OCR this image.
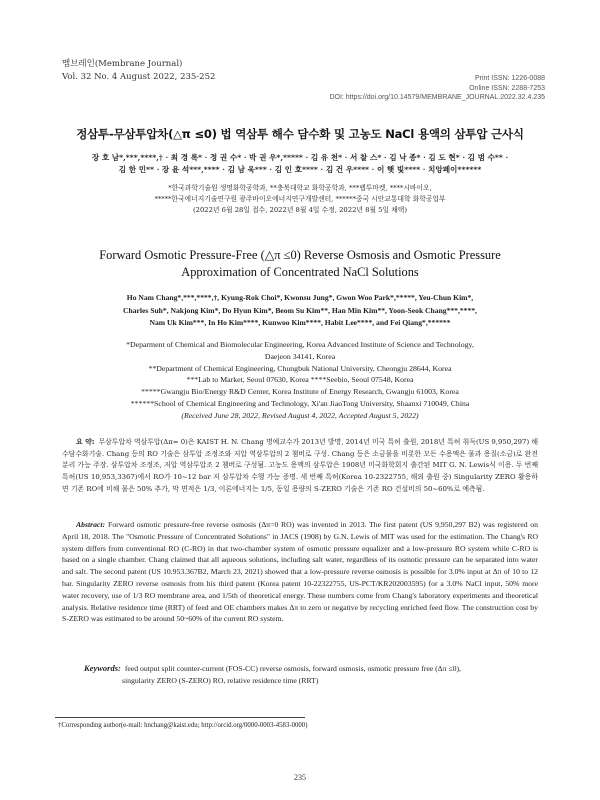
멤브레인(Membrane Journal)
Vol. 32 No. 4 August 2022, 235-252	Print ISSN: 1226-0088
Online ISSN: 2288-7253
DOI: https://doi.org/10.14579/MEMBRANE_JOURNAL.2022.32.4.235
정삼투-무삼투압차(△π ≤0) 법 역삼투 해수 담수화 및 고농도 NaCl 용액의 삼투압 근사식
장 호 남*,***,****,† · 최 경 록* · 정 권 수* · 박 권 우*,***** · 김 유 천* · 서 찰 스* · 김 낙 종* · 김 도 현* · 김 범 수** ·
김 한 민** · 장 윤 석***,**** · 김 남 욱*** · 김 인 호**** · 김 건 우**** · 이 햇 빛**** · 치앙페이******
*한국과학기술원 생명화학공학과, **충북대학교 화학공학과, ***랩투마켓, ****시바이오,
*****한국에너지기술연구원 광주바이오에너지연구개발센터, ******중국 시안교통대학 화학공업부
(2022년 6월 28일 접수, 2022년 8월 4일 수정, 2022년 8월 5일 채택)
Forward Osmotic Pressure-Free (△π ≤0) Reverse Osmosis and Osmotic Pressure
Approximation of Concentrated NaCl Solutions
Ho Nam Chang*,***,****,†, Kyung-Rok Choi*, Kwonsu Jung*, Gwon Woo Park*,*****, Yeu-Chun Kim*,
Charles Suh*, Nakjong Kim*, Do Hyun Kim*, Beom Su Kim**, Han Min Kim**, Yoon-Seok Chang***,****,
Nam Uk Kim***, In Ho Kim****, Kunwoo Kim****, Habit Lee****, and Fei Qiang*,******
*Deparment of Chemical and Biomolecular Engineering, Korea Advanced Institute of Science and Technology,
Daejeon 34141, Korea
**Department of Chemical Engineering, Chungbuk National University, Cheongju 28644, Korea
***Lab to Market, Seoul 07630, Korea ****Seebio, Seoul 07548, Korea
*****Gwangju Bio/Energy R&D Center, Korea Institute of Energy Research, Gwangju 61003, Korea
******School of Chemical Engineering and Technology, Xi'an JiaoTong University, Shaanxi 710049, China
(Received June 28, 2022, Revised August 4, 2022, Accepted August 5, 2022)

요 약: 무삼투압차 역삼투압(Δπ= 0)은 KAIST H. N. Chang 명예교수가 2013년 발명, 2014년 미국 특허 출원, 2018년 특허 취득(US 9,950,297) 해수담수화기술. Chang 등의 RO 기술은 삼투압 조정조와 저압 역삼투압의 2 챔버로 구성. Chang 등은 소금물을 비롯한 모든 수용액은 물과 용질(소금)로 완전 분리 가능 주장. 삼투압차 조정조, 저압 역삼투압조 2 챔버로 구성됨. 고농도 용액의 삼투압은 1908년 미국화학회지 출간된 MIT G. N. Lewis식 이용. 두 번째 특허(US 10,953,3367)에서 RO가 10~12 bar 저 삼투압차 수행 가능 증명. 세 번째 특허(Korea 10-2322755, 해외 출원 중) Singularity ZERO 활용하면 기존 RO에 비해 물은 50% 추가, 막 면적은 1/3, 이론에너지는 1/5, 동일 용량의 S-ZERO 기술은 기존 RO 건설비의 50~60%로 예측됨.

Abstract: Forward osmotic pressure-free reverse osmosis (Δπ=0 RO) was invented in 2013. The first patent (US 9,950,297 B2) was registered on April 18, 2018. The "Osmotic Pressure of Concentrated Solutions" in JACS (1908) by G.N. Lewis of MIT was used for the estimation. The Chang's RO system differs from conventional RO (C-RO) in that two-chamber system of osmotic pressure equalizer and a low-pressure RO system while C-RO is based on a single chamber. Chang claimed that all aqueous solutions, including salt water, regardless of its osmotic pressure can be separated into water and salt. The second patent (US 10.953.367B2, March 23, 2021) showed that a low-pressure reverse osmosis is possible for 3.0% input at Δπ of 10 to 12 bar. Singularity ZERO reverse osmosis from his third patent (Korea patent 10-22322755, US-PCT/KR202003595) for a 3.0% NaCl input, 50% more water recovery, use of 1/3 RO membrane area, and 1/5th of theoretical energy. These numbers come from Chang's laboratory experiments and theoretical analysis. Relative residence time (RRT) of feed and OE chambers makes Δπ to zero or negative by recycling enriched feed flow. The construction cost by S-ZERO was estimated to be around 50~60% of the current RO system.

Keywords: feed output split counter-current (FOS-CC) reverse osmosis, forward osmosis, osmotic pressure free (Δπ ≤0),
singularity ZERO (S-ZERO) RO, relative residence time (RRT)
†Corresponding author(e-mail: hnchang@kaist.edu; http://orcid.org/0000-0003-4583-0000)
235
